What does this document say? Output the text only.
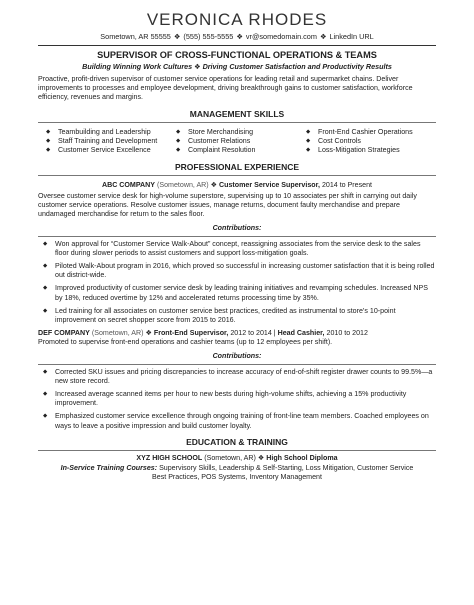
VERONICA RHODES
Sometown, AR 55555 ❖ (555) 555-5555 ❖ vr@somedomain.com ❖ LinkedIn URL
SUPERVISOR OF CROSS-FUNCTIONAL OPERATIONS & TEAMS
Building Winning Work Cultures ❖ Driving Customer Satisfaction and Productivity Results
Proactive, profit-driven supervisor of customer service operations for leading retail and supermarket chains. Deliver improvements to processes and employee development, driving breakthrough gains to customer satisfaction, workforce efficiency, revenues and margins.
MANAGEMENT SKILLS
◆ Teambuilding and Leadership
◆ Staff Training and Development
◆ Customer Service Excellence
◆ Store Merchandising
◆ Customer Relations
◆ Complaint Resolution
◆ Front-End Cashier Operations
◆ Cost Controls
◆ Loss-Mitigation Strategies
PROFESSIONAL EXPERIENCE
ABC COMPANY (Sometown, AR) ❖ Customer Service Supervisor, 2014 to Present
Oversee customer service desk for high-volume superstore, supervising up to 10 associates per shift in carrying out daily customer service operations. Resolve customer issues, manage returns, document faulty merchandise and prepare undamaged merchandise for return to the sales floor.
Contributions:
◆ Won approval for “Customer Service Walk-About” concept, reassigning associates from the service desk to the sales floor during slower periods to assist customers and support loss-mitigation goals.
◆ Piloted Walk-About program in 2016, which proved so successful in increasing customer satisfaction that it is being rolled out district-wide.
◆ Improved productivity of customer service desk by leading training initiatives and revamping schedules. Increased NPS by 18%, reduced overtime by 12% and accelerated returns processing time by 35%.
◆ Led training for all associates on customer service best practices, credited as instrumental to store’s 10-point improvement on secret shopper score from 2015 to 2016.
DEF COMPANY (Sometown, AR) ❖ Front-End Supervisor, 2012 to 2014 | Head Cashier, 2010 to 2012
Promoted to supervise front-end operations and cashier teams (up to 12 employees per shift).
Contributions:
◆ Corrected SKU issues and pricing discrepancies to increase accuracy of end-of-shift register drawer counts to 99.5%—a new store record.
◆ Increased average scanned items per hour to new bests during high-volume shifts, achieving a 15% productivity improvement.
◆ Emphasized customer service excellence through ongoing training of front-line team members. Coached employees on ways to leave a positive impression and build customer loyalty.
EDUCATION & TRAINING
XYZ HIGH SCHOOL (Sometown, AR) ❖ High School Diploma
In-Service Training Courses: Supervisory Skills, Leadership & Self-Starting, Loss Mitigation, Customer Service
Best Practices, POS Systems, Inventory Management
